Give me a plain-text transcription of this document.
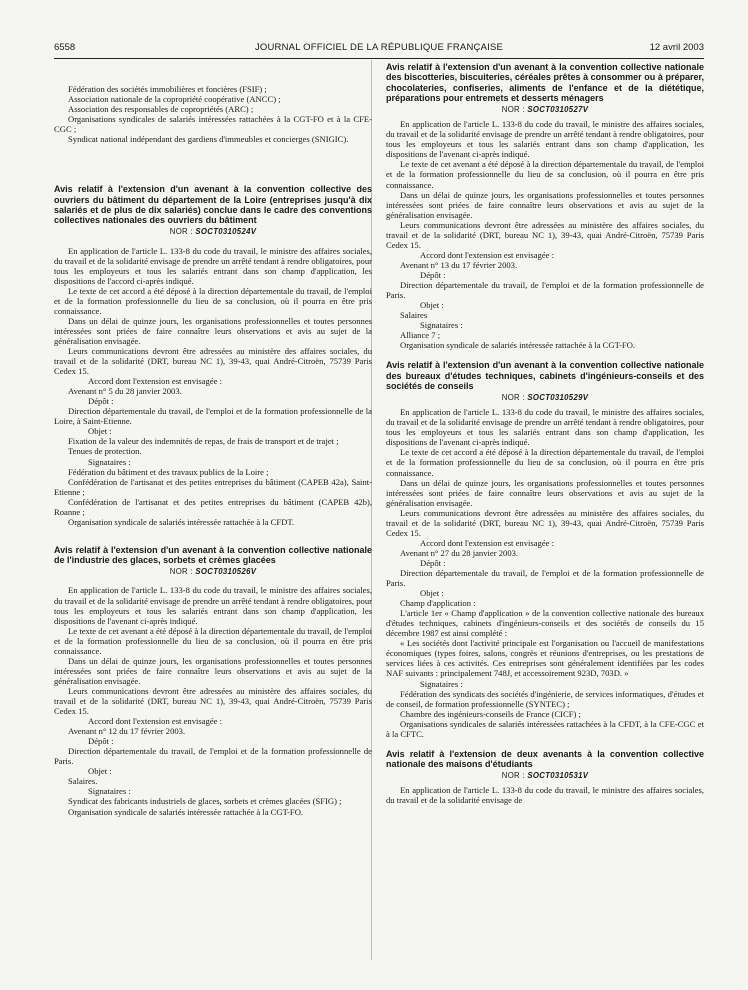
6558	JOURNAL OFFICIEL DE LA RÉPUBLIQUE FRANÇAISE	12 avril 2003

Fédération des sociétés immobilières et foncières (FSIF) ;

Association nationale de la copropriété coopérative (ANCC) ;

Association des responsables de copropriétés (ARC) ;

Organisations syndicales de salariés intéressées rattachées à la CGT-FO et à la CFE-CGC ;

Syndicat national indépendant des gardiens d'immeubles et concierges (SNIGIC).

Avis relatif à l'extension d'un avenant à la convention collective des ouvriers du bâtiment du département de la Loire (entreprises jusqu'à dix salariés et de plus de dix salariés) conclue dans le cadre des conventions collectives nationales des ouvriers du bâtiment

NOR : SOCT0310524V

En application de l'article L. 133-8 du code du travail, le ministre des affaires sociales, du travail et de la solidarité envisage de prendre un arrêté tendant à rendre obligatoires, pour tous les employeurs et tous les salariés entrant dans son champ d'application, les dispositions de l'accord ci-après indiqué.

Le texte de cet accord a été déposé à la direction départementale du travail, de l'emploi et de la formation professionnelle du lieu de sa conclusion, où il pourra en être pris connaissance.

Dans un délai de quinze jours, les organisations professionnelles et toutes personnes intéressées sont priées de faire connaître leurs observations et avis au sujet de la généralisation envisagée.

Leurs communications devront être adressées au ministère des affaires sociales, du travail et de la solidarité (DRT, bureau NC 1), 39-43, quai André-Citroën, 75739 Paris Cedex 15.

Accord dont l'extension est envisagée :

Avenant n° 5 du 28 janvier 2003.

Dépôt :

Direction départementale du travail, de l'emploi et de la formation professionnelle de la Loire, à Saint-Etienne.

Objet :

Fixation de la valeur des indemnités de repas, de frais de transport et de trajet ;

Tenues de protection.

Signataires :

Fédération du bâtiment et des travaux publics de la Loire ;

Confédération de l'artisanat et des petites entreprises du bâtiment (CAPEB 42a), Saint-Etienne ;

Confédération de l'artisanat et des petites entreprises du bâtiment (CAPEB 42b), Roanne ;

Organisation syndicale de salariés intéressée rattachée à la CFDT.

Avis relatif à l'extension d'un avenant à la convention collective nationale de l'industrie des glaces, sorbets et crèmes glacées

NOR : SOCT0310526V

En application de l'article L. 133-8 du code du travail, le ministre des affaires sociales, du travail et de la solidarité envisage de prendre un arrêté tendant à rendre obligatoires, pour tous les employeurs et tous les salariés entrant dans son champ d'application, les dispositions de l'avenant ci-après indiqué.

Le texte de cet avenant a été déposé à la direction départementale du travail, de l'emploi et de la formation professionnelle du lieu de sa conclusion, où il pourra en être pris connaissance.

Dans un délai de quinze jours, les organisations professionnelles et toutes personnes intéressées sont priées de faire connaître leurs observations et avis au sujet de la généralisation envisagée.

Leurs communications devront être adressées au ministère des affaires sociales, du travail et de la solidarité (DRT, bureau NC 1), 39-43, quai André-Citroën, 75739 Paris Cedex 15.

Accord dont l'extension est envisagée :

Avenant n° 12 du 17 février 2003.

Dépôt :

Direction départementale du travail, de l'emploi et de la formation professionnelle de Paris.

Objet :

Salaires.

Signataires :

Syndicat des fabricants industriels de glaces, sorbets et crèmes glacées (SFIG) ;

Organisation syndicale de salariés intéressée rattachée à la CGT-FO.

Avis relatif à l'extension d'un avenant à la convention collective nationale des biscotteries, biscuiteries, céréales prêtes à consommer ou à préparer, chocolateries, confiseries, aliments de l'enfance et de la diététique, préparations pour entremets et desserts ménagers

NOR : SOCT0310527V

En application de l'article L. 133-8 du code du travail, le ministre des affaires sociales, du travail et de la solidarité envisage de prendre un arrêté tendant à rendre obligatoires, pour tous les employeurs et tous les salariés entrant dans son champ d'application, les dispositions de l'avenant ci-après indiqué.

Le texte de cet avenant a été déposé à la direction départementale du travail, de l'emploi et de la formation professionnelle du lieu de sa conclusion, où il pourra en être pris connaissance.

Dans un délai de quinze jours, les organisations professionnelles et toutes personnes intéressées sont priées de faire connaître leurs observations et avis au sujet de la généralisation envisagée.

Leurs communications devront être adressées au ministère des affaires sociales, du travail et de la solidarité (DRT, bureau NC 1), 39-43, quai André-Citroën, 75739 Paris Cedex 15.

Accord dont l'extension est envisagée :

Avenant n° 13 du 17 février 2003.

Dépôt :

Direction départementale du travail, de l'emploi et de la formation professionnelle de Paris.

Objet :

Salaires

Signataires :

Alliance 7 ;

Organisation syndicale de salariés intéressée rattachée à la CGT-FO.

Avis relatif à l'extension d'un avenant à la convention collective nationale des bureaux d'études techniques, cabinets d'ingénieurs-conseils et des sociétés de conseils

NOR : SOCT0310529V

En application de l'article L. 133-8 du code du travail, le ministre des affaires sociales, du travail et de la solidarité envisage de prendre un arrêté tendant à rendre obligatoires, pour tous les employeurs et tous les salariés entrant dans son champ d'application, les dispositions de l'avenant ci-après indiqué.

Le texte de cet accord a été déposé à la direction départementale du travail, de l'emploi et de la formation professionnelle du lieu de sa conclusion, où il pourra en être pris connaissance.

Dans un délai de quinze jours, les organisations professionnelles et toutes personnes intéressées sont priées de faire connaître leurs observations et avis au sujet de la généralisation envisagée.

Leurs communications devront être adressées au ministère des affaires sociales, du travail et de la solidarité (DRT, bureau NC 1), 39-43, quai André-Citroën, 75739 Paris Cedex 15.

Accord dont l'extension est envisagée :

Avenant n° 27 du 28 janvier 2003.

Dépôt :

Direction départementale du travail, de l'emploi et de la formation professionnelle de Paris.

Objet :

Champ d'application :

L'article 1er « Champ d'application » de la convention collective nationale des bureaux d'études techniques, cabinets d'ingénieurs-conseils et des sociétés de conseils du 15 décembre 1987 est ainsi complété :

« Les sociétés dont l'activité principale est l'organisation ou l'accueil de manifestations économiques (types foires, salons, congrès et réunions d'entreprises, ou les prestations de services liées à ces activités. Ces entreprises sont généralement identifiées par les codes NAF suivants : principalement 748J, et accessoirement 923D, 703D. »

Signataires :

Fédération des syndicats des sociétés d'ingénierie, de services informatiques, d'études et de conseil, de formation professionnelle (SYNTEC) ;

Chambre des ingénieurs-conseils de France (CICF) ;

Organisations syndicales de salariés intéressées rattachées à la CFDT, à la CFE-CGC et à la CFTC.

Avis relatif à l'extension de deux avenants à la convention collective nationale des maisons d'étudiants

NOR : SOCT0310531V

En application de l'article L. 133-8 du code du travail, le ministre des affaires sociales, du travail et de la solidarité envisage de
